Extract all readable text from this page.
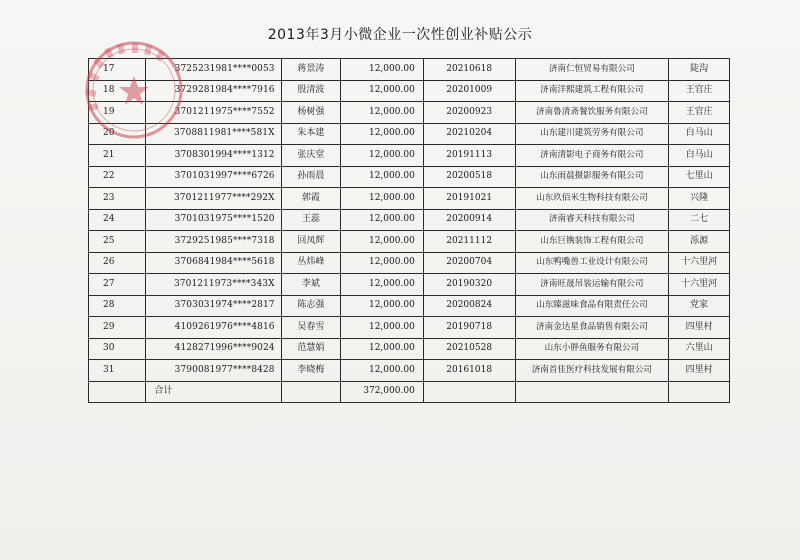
2013年3月小微企业一次性创业补贴公示
17	3725231981****0053	蒋景涛	12,000.00	20210618	济南仁恒贸易有限公司	陡沟
18	3729281984****7916	殷清波	12,000.00	20201009	济南洋熙建筑工程有限公司	王官庄
19	3701211975****7552	杨树强	12,000.00	20200923	济南鲁清斋餐饮服务有限公司	王官庄
20	3708811981****581X	朱本建	12,000.00	20210204	山东建川建筑劳务有限公司	白马山
21	3708301994****1312	张庆堂	12,000.00	20191113	济南清影电子商务有限公司	白马山
22	3701031997****6726	孙雨晨	12,000.00	20200518	山东雨晨摄影服务有限公司	七里山
23	3701211977****292X	郭霞	12,000.00	20191021	山东玖佰米生物科技有限公司	兴隆
24	3701031975****1520	王蕊	12,000.00	20200914	济南睿天科技有限公司	二七
25	3729251985****7318	回凤辉	12,000.00	20211112	山东巨镌装饰工程有限公司	泺源
26	3706841984****5618	丛炜峰	12,000.00	20200704	山东鸭嘴兽工业设计有限公司	十六里河
27	3701211973****343X	李斌	12,000.00	20190320	济南旺晟吊装运输有限公司	十六里河
28	3703031974****2817	陈志强	12,000.00	20200824	山东臻滋味食品有限责任公司	党家
29	4109261976****4816	吴春雪	12,000.00	20190718	济南金达星食品销售有限公司	四里村
30	4128271996****9024	范慧娟	12,000.00	20210528	山东小胖鱼服务有限公司	六里山
31	3790081977****8428	李晓梅	12,000.00	20161018	济南首佳医疗科技发展有限公司	四里村
	合计		372,000.00			
